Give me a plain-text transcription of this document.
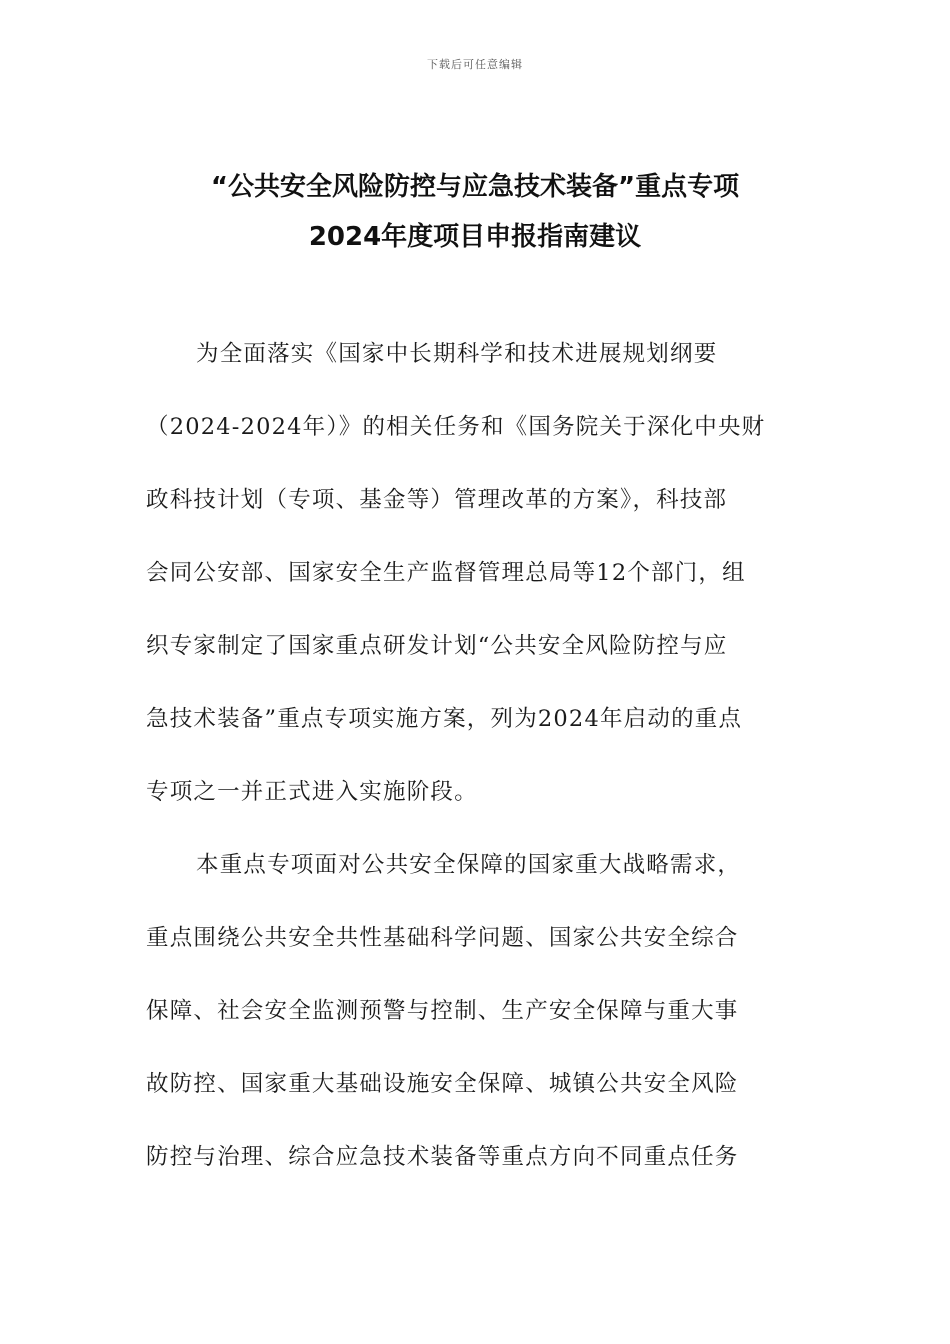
下载后可任意编辑
“公共安全风险防控与应急技术装备”重点专项
2024年度项目申报指南建议
为全面落实《国家中长期科学和技术进展规划纲要
（2024-2024年）》的相关任务和《国务院关于深化中央财
政科技计划（专项、基金等）管理改革的方案》，科技部
会同公安部、国家安全生产监督管理总局等12个部门，组
织专家制定了国家重点研发计划“公共安全风险防控与应
急技术装备”重点专项实施方案，列为2024年启动的重点
专项之一并正式进入实施阶段。
本重点专项面对公共安全保障的国家重大战略需求，
重点围绕公共安全共性基础科学问题、国家公共安全综合
保障、社会安全监测预警与控制、生产安全保障与重大事
故防控、国家重大基础设施安全保障、城镇公共安全风险
防控与治理、综合应急技术装备等重点方向不同重点任务
